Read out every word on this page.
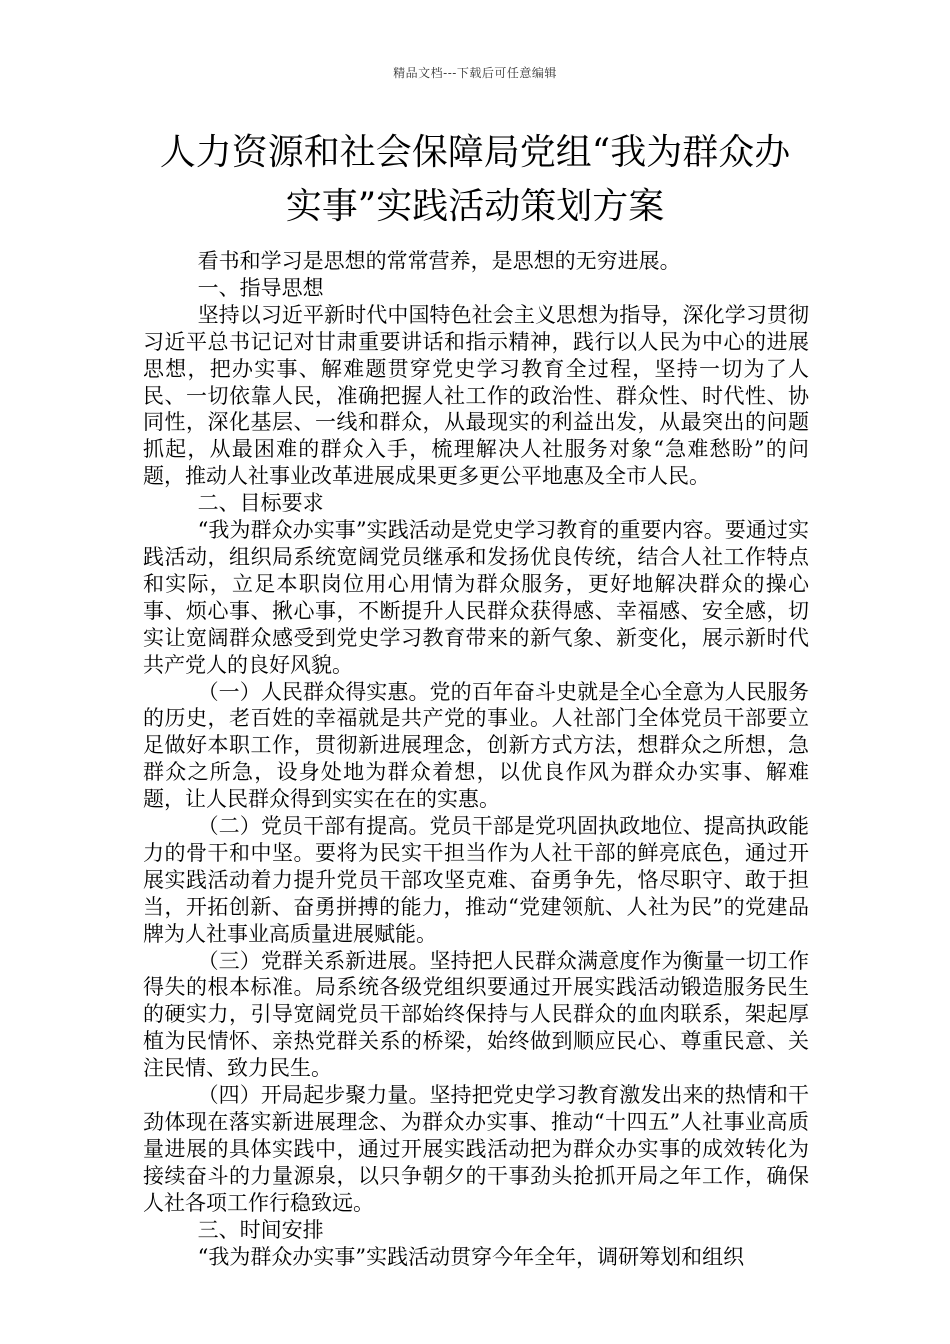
精品文档---下载后可任意编辑
人力资源和社会保障局党组“我为群众办
实事”实践活动策划方案

看书和学习是思想的常常营养，是思想的无穷进展。

一、指导思想

坚持以习近平新时代中国特色社会主义思想为指导，深化学习贯彻习近平总书记记对甘肃重要讲话和指示精神，践行以人民为中心的进展思想，把办实事、解难题贯穿党史学习教育全过程，坚持一切为了人民、一切依靠人民，准确把握人社工作的政治性、群众性、时代性、协同性，深化基层、一线和群众，从最现实的利益出发，从最突出的问题抓起，从最困难的群众入手，梳理解决人社服务对象“急难愁盼”的问题，推动人社事业改革进展成果更多更公平地惠及全市人民。

二、目标要求

“我为群众办实事”实践活动是党史学习教育的重要内容。要通过实践活动，组织局系统宽阔党员继承和发扬优良传统，结合人社工作特点和实际，立足本职岗位用心用情为群众服务，更好地解决群众的操心事、烦心事、揪心事，不断提升人民群众获得感、幸福感、安全感，切实让宽阔群众感受到党史学习教育带来的新气象、新变化，展示新时代共产党人的良好风貌。

（一）人民群众得实惠。党的百年奋斗史就是全心全意为人民服务的历史，老百姓的幸福就是共产党的事业。人社部门全体党员干部要立足做好本职工作，贯彻新进展理念，创新方式方法，想群众之所想，急群众之所急，设身处地为群众着想，以优良作风为群众办实事、解难题，让人民群众得到实实在在的实惠。

（二）党员干部有提高。党员干部是党巩固执政地位、提高执政能力的骨干和中坚。要将为民实干担当作为人社干部的鲜亮底色，通过开展实践活动着力提升党员干部攻坚克难、奋勇争先，恪尽职守、敢于担当，开拓创新、奋勇拼搏的能力，推动“党建领航、人社为民”的党建品牌为人社事业高质量进展赋能。

（三）党群关系新进展。坚持把人民群众满意度作为衡量一切工作得失的根本标准。局系统各级党组织要通过开展实践活动锻造服务民生的硬实力，引导宽阔党员干部始终保持与人民群众的血肉联系，架起厚植为民情怀、亲热党群关系的桥梁，始终做到顺应民心、尊重民意、关注民情、致力民生。

（四）开局起步聚力量。坚持把党史学习教育激发出来的热情和干劲体现在落实新进展理念、为群众办实事、推动“十四五”人社事业高质量进展的具体实践中，通过开展实践活动把为群众办实事的成效转化为接续奋斗的力量源泉，以只争朝夕的干事劲头抢抓开局之年工作，确保人社各项工作行稳致远。

三、时间安排

“我为群众办实事”实践活动贯穿今年全年，调研筹划和组织
